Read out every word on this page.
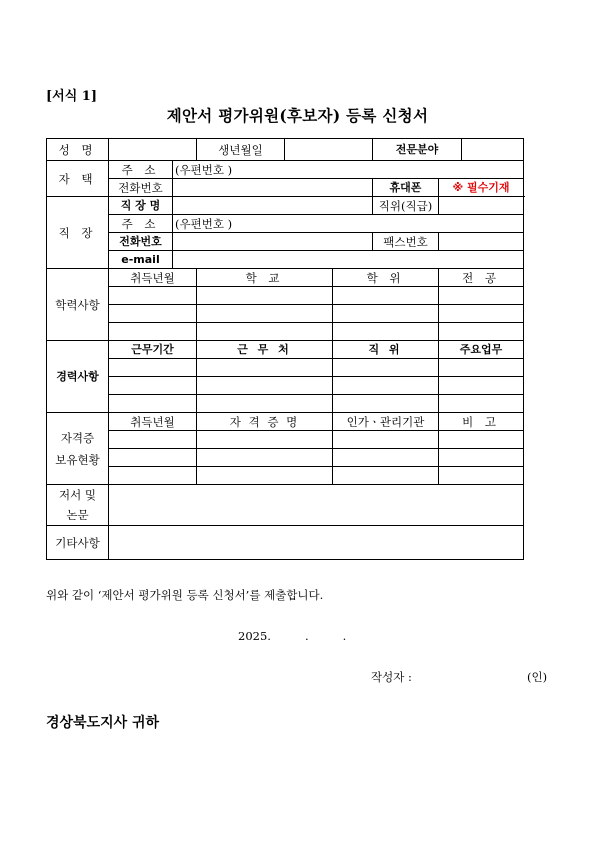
[서식 1]
제안서 평가위원(후보자) 등록 신청서
성 명			생년월일			전문분야		
자 택	주 소	(우편번호 )						
	전화번호					휴대폰	※ 필수기재	
직 장	직 장 명					직위(직급)		
	주 소	(우편번호 )						
	전화번호					팩스번호		
	e-mail							
학력사항	취득년월		학 교		학 위		전 공	

경력사항	근무기간		근 무 처		직 위		주요업무	

자격증
보유현황	취득년월		자 격 증 명		인가ㆍ관리기관		비 고	

저서 및
논문								
기타사항								
위와 같이 ‘제안서 평가위원 등록 신청서’를 제출합니다.
2025.	.	.
작성자 :	(인)
경상북도지사 귀하
